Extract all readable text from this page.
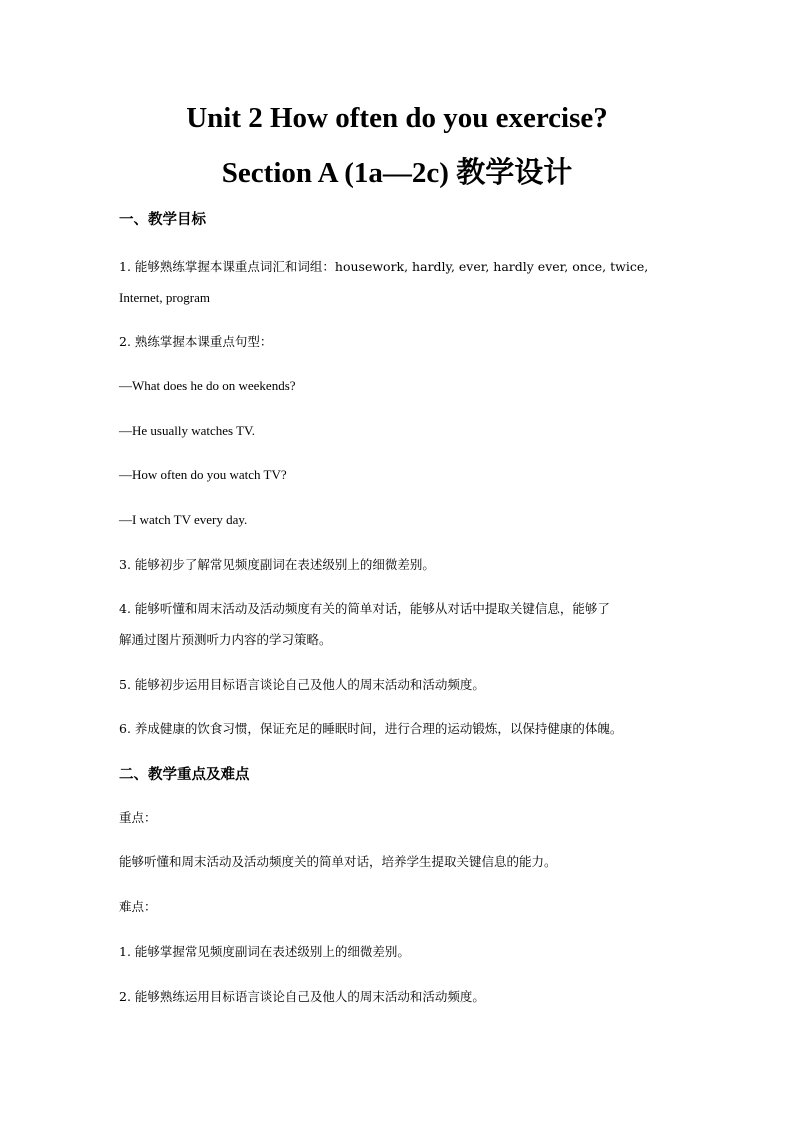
Unit 2 How often do you exercise?
Section A (1a—2c) 教学设计
一、教学目标
1. 能够熟练掌握本课重点词汇和词组：housework, hardly, ever, hardly ever, once, twice,
Internet, program
2. 熟练掌握本课重点句型：
—What does he do on weekends?
—He usually watches TV.
—How often do you watch TV?
—I watch TV every day.
3. 能够初步了解常见频度副词在表述级别上的细微差别。
4. 能够听懂和周末活动及活动频度有关的简单对话，能够从对话中提取关键信息，能够了
解通过图片预测听力内容的学习策略。
5. 能够初步运用目标语言谈论自己及他人的周末活动和活动频度。
6. 养成健康的饮食习惯，保证充足的睡眠时间，进行合理的运动锻炼，以保持健康的体魄。
二、教学重点及难点
重点：
能够听懂和周末活动及活动频度关的简单对话，培养学生提取关键信息的能力。
难点：
1. 能够掌握常见频度副词在表述级别上的细微差别。
2. 能够熟练运用目标语言谈论自己及他人的周末活动和活动频度。
